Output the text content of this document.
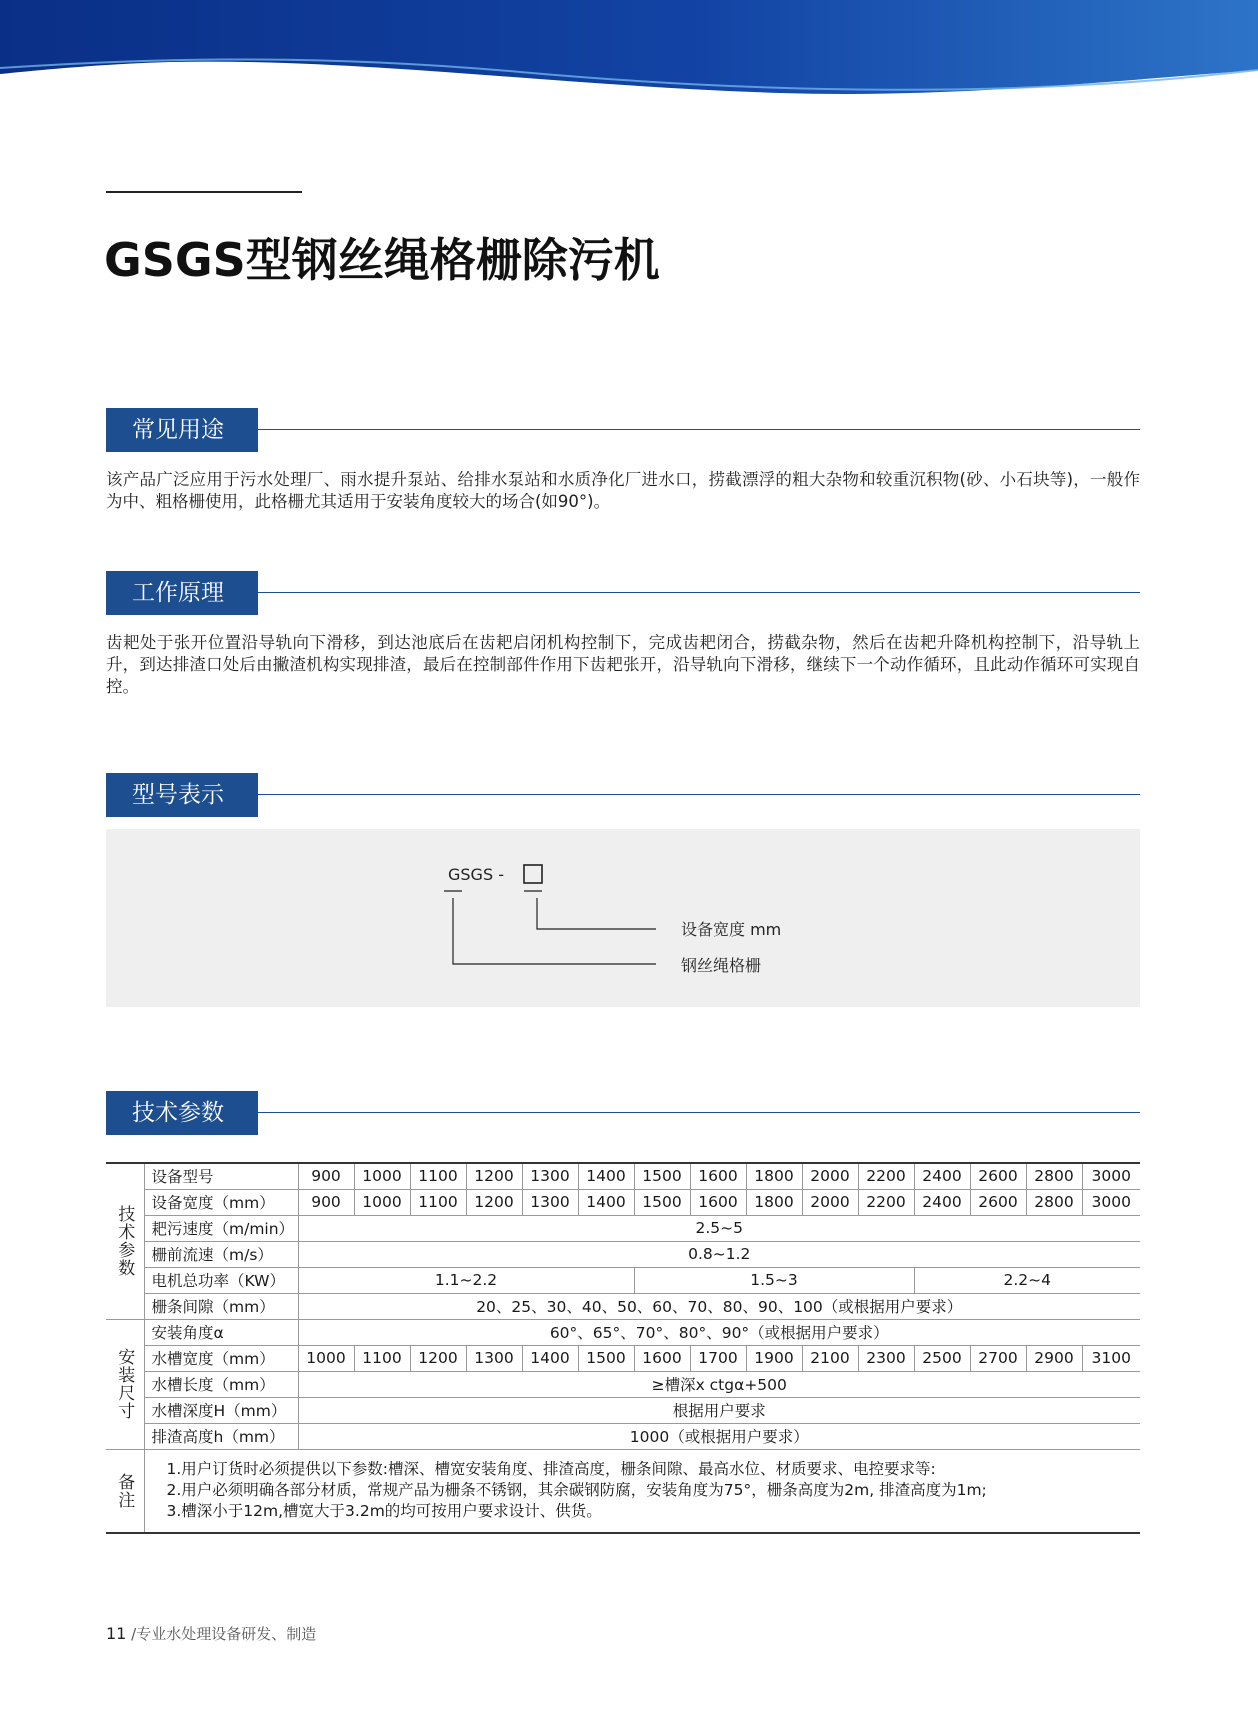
GSGS型钢丝绳格栅除污机
常见用途

该产品广泛应用于污水处理厂、雨水提升泵站、给排水泵站和水质净化厂进水口，捞截漂浮的粗大杂物和较重沉积物(砂、小石块等)，一般作为中、粗格栅使用，此格栅尤其适用于安装角度较大的场合(如90°)。

工作原理

齿耙处于张开位置沿导轨向下滑移，到达池底后在齿耙启闭机构控制下，完成齿耙闭合，捞截杂物，然后在齿耙升降机构控制下，沿导轨上升，到达排渣口处后由撇渣机构实现排渣，最后在控制部件作用下齿耙张开，沿导轨向下滑移，继续下一个动作循环，且此动作循环可实现自控。

型号表示
GSGS -
设备宽度 mm
钢丝绳格栅
技术参数
技术参数	设备型号	900	1000	1100	1200	1300	1400	1500	1600	1800	2000	2200	2400	2600	2800	3000
	设备宽度（mm）	900	1000	1100	1200	1300	1400	1500	1600	1800	2000	2200	2400	2600	2800	3000
	耙污速度（m/min）	2.5~5														
	栅前流速（m/s）	0.8~1.2														
	电机总功率（KW）	1.1~2.2						1.5~3					2.2~4			
	栅条间隙（mm）	20、25、30、40、50、60、70、80、90、100（或根据用户要求）														
安装尺寸	安装角度α	60°、65°、70°、80°、90°（或根据用户要求）														
	水槽宽度（mm）	1000	1100	1200	1300	1400	1500	1600	1700	1900	2100	2300	2500	2700	2900	3100
	水槽长度（mm）	≥槽深x ctgα+500														
	水槽深度H（mm）	根据用户要求														
	排渣高度h（mm）	1000（或根据用户要求）														
备注	1.用户订货时必须提供以下参数:槽深、槽宽安装角度、排渣高度，栅条间隙、最高水位、材质要求、电控要求等:
2.用户必须明确各部分材质，常规产品为栅条不锈钢，其余碳钢防腐，安装角度为75°，栅条高度为2m, 排渣高度为1m;
3.槽深小于12m,槽宽大于3.2m的均可按用户要求设计、供货。															
11 /专业水处理设备研发、制造
